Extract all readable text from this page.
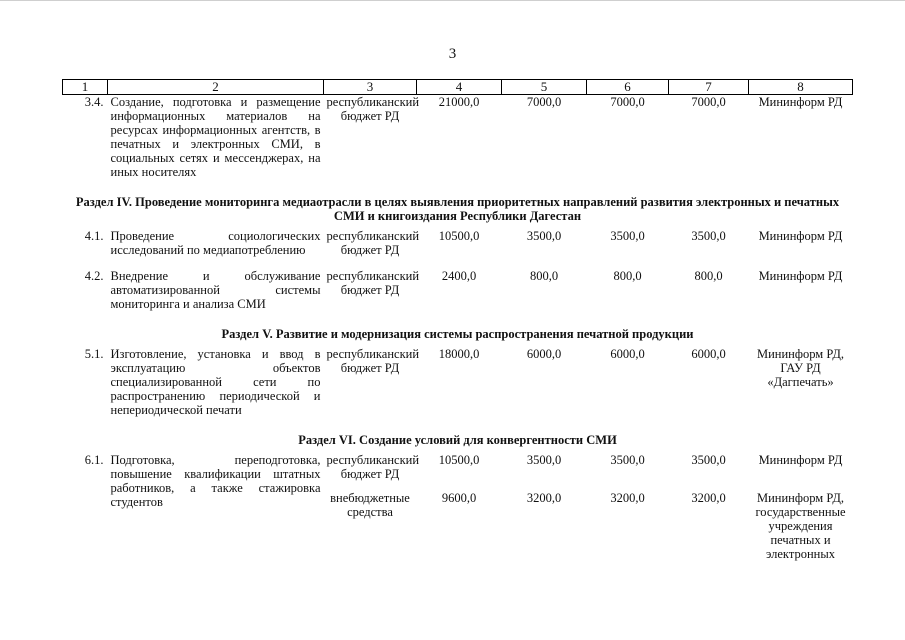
3
1	2	3	4	5	6	7	8
3.4.	Создание, подготовка и размещение информационных материалов на ресурсах информационных агентств, в печатных и электронных СМИ, в социальных сетях и мессенджерах, на иных носителях	республиканский бюджет РД	21000,0	7000,0	7000,0	7000,0	Мининформ РД

Раздел IV. Проведение мониторинга медиаотрасли в целях выявления приоритетных направлений развития электронных и печатных СМИ и книгоиздания Республики Дагестан							

4.1.	Проведение социологических исследований по медиапотреблению	республиканский бюджет РД	10500,0	3500,0	3500,0	3500,0	Мининформ РД

4.2.	Внедрение и обслуживание автоматизированной системы мониторинга и анализа СМИ	республиканский бюджет РД	2400,0	800,0	800,0	800,0	Мининформ РД

Раздел V. Развитие и модернизация системы распространения печатной продукции							

5.1.	Изготовление, установка и ввод в эксплуатацию объектов специализированной сети по распространению периодической и непериодической печати	республиканский бюджет РД	18000,0	6000,0	6000,0	6000,0	Мининформ РД, ГАУ РД «Дагпечать»

Раздел VI. Создание условий для конвергентности СМИ							

6.1.	Подготовка, переподготовка, повышение квалификации штатных работников, а также стажировка студентов	республиканский бюджет РД	10500,0	3500,0	3500,0	3500,0	Мининформ РД
		внебюджетные средства	9600,0	3200,0	3200,0	3200,0	Мининформ РД, государственные учреждения печатных и электронных
